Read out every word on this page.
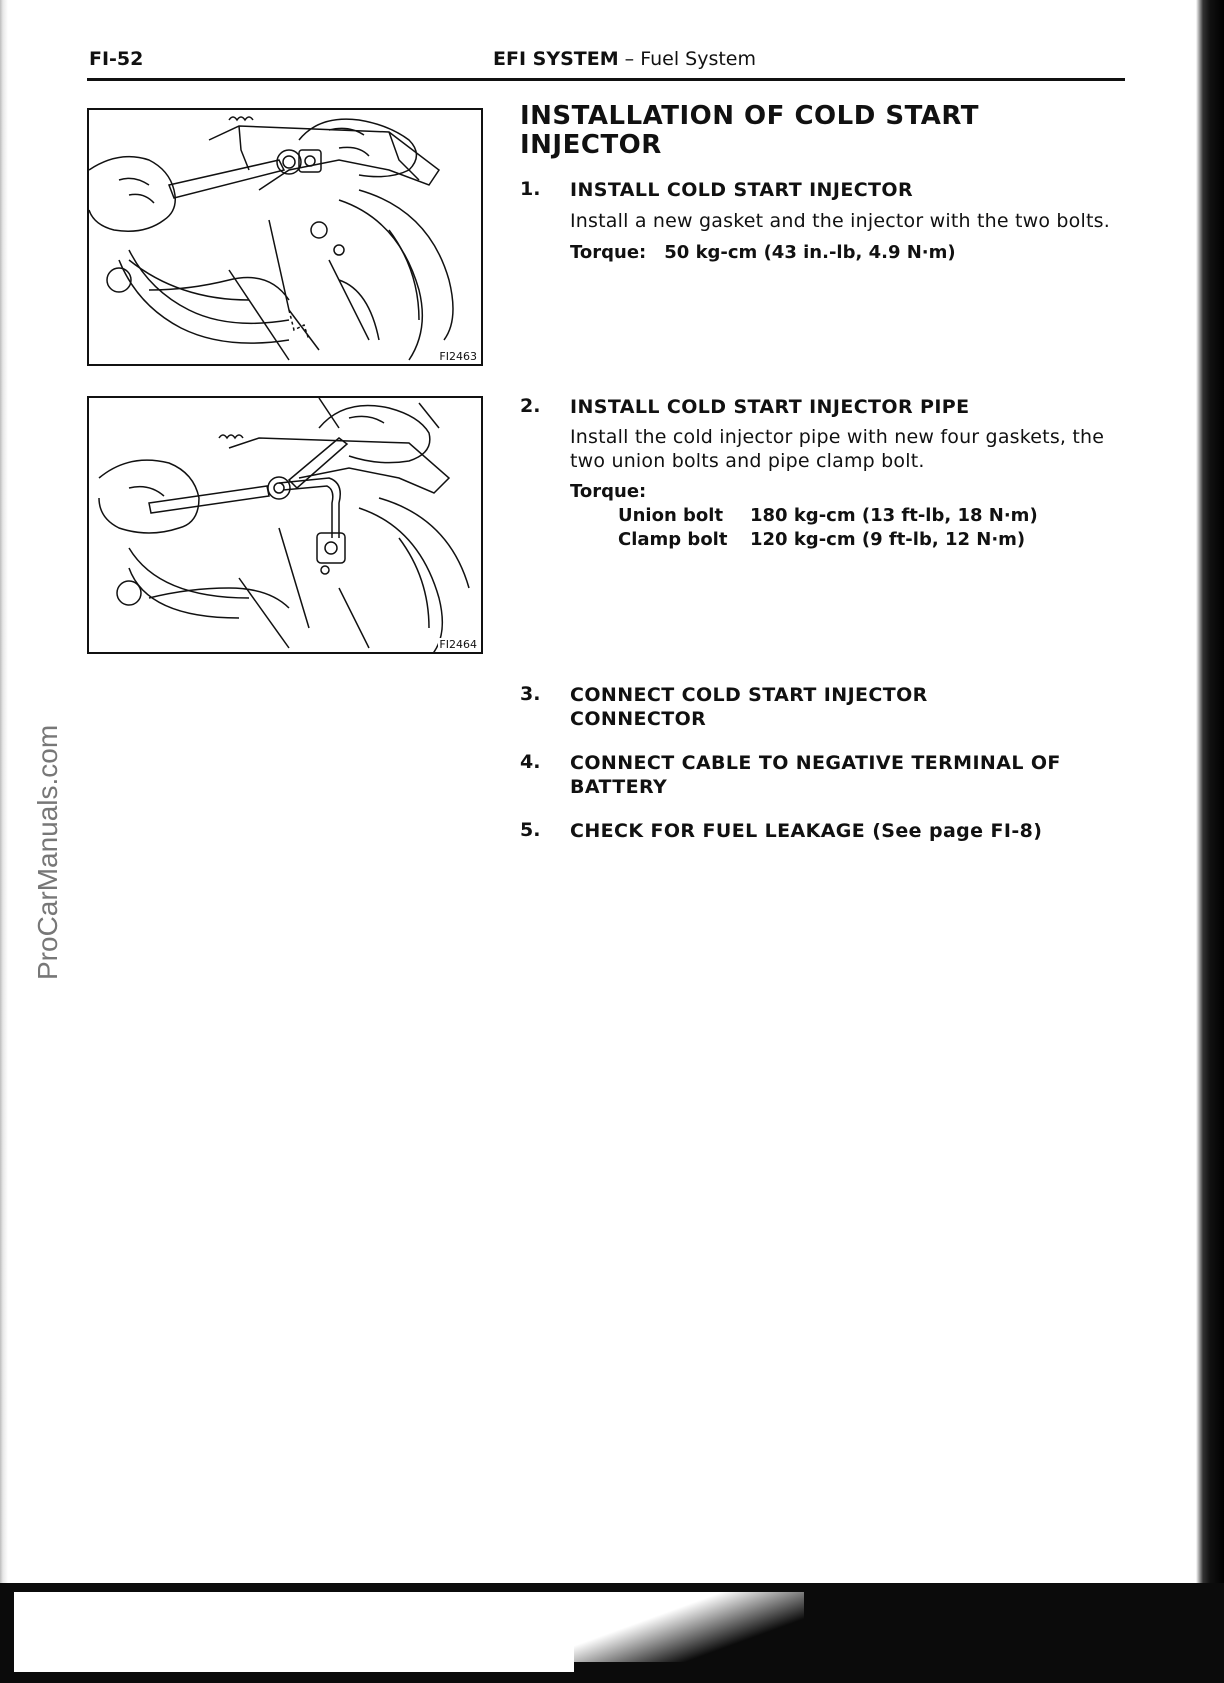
FI-52	EFI SYSTEM – Fuel System
FI2463
FI2464
ProCarManuals.com
INSTALLATION OF COLD START INJECTOR
1. INSTALL COLD START INJECTOR
Install a new gasket and the injector with the two bolts.
Torque: 50 kg-cm (43 in.-lb, 4.9 N·m)
2. INSTALL COLD START INJECTOR PIPE
Install the cold injector pipe with new four gaskets, the two union bolts and pipe clamp bolt.
Torque:
Union bolt 180 kg-cm (13 ft-lb, 18 N·m)
Clamp bolt 120 kg-cm (9 ft-lb, 12 N·m)
3. CONNECT COLD START INJECTOR CONNECTOR
4. CONNECT CABLE TO NEGATIVE TERMINAL OF BATTERY
5. CHECK FOR FUEL LEAKAGE (See page FI-8)
